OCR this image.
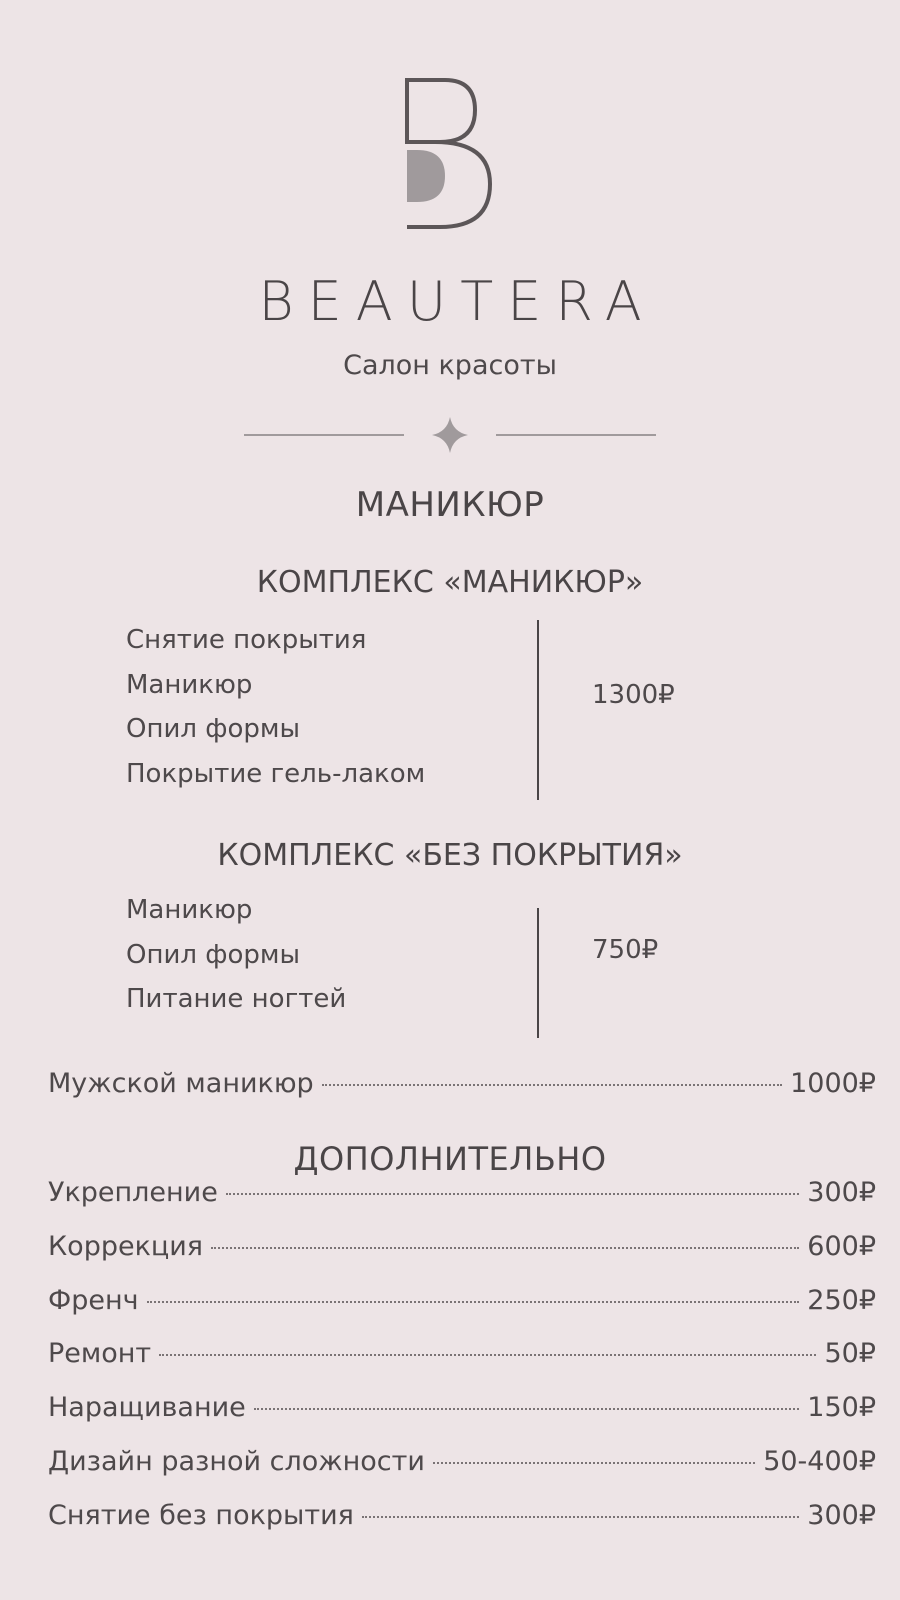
BEAUTERA
Салон красоты
МАНИКЮР
КОМПЛЕКС «МАНИКЮР»
Снятие покрытия
Маникюр
Опил формы
Покрытие гель-лаком
1300₽
КОМПЛЕКС «БЕЗ ПОКРЫТИЯ»
Маникюр
Опил формы
Питание ногтей
750₽
Мужской маникюр	1000₽
ДОПОЛНИТЕЛЬНО
Укрепление	300₽
Коррекция	600₽
Френч	250₽
Ремонт	50₽
Наращивание	150₽
Дизайн разной сложности	50-400₽
Снятие без покрытия	300₽
